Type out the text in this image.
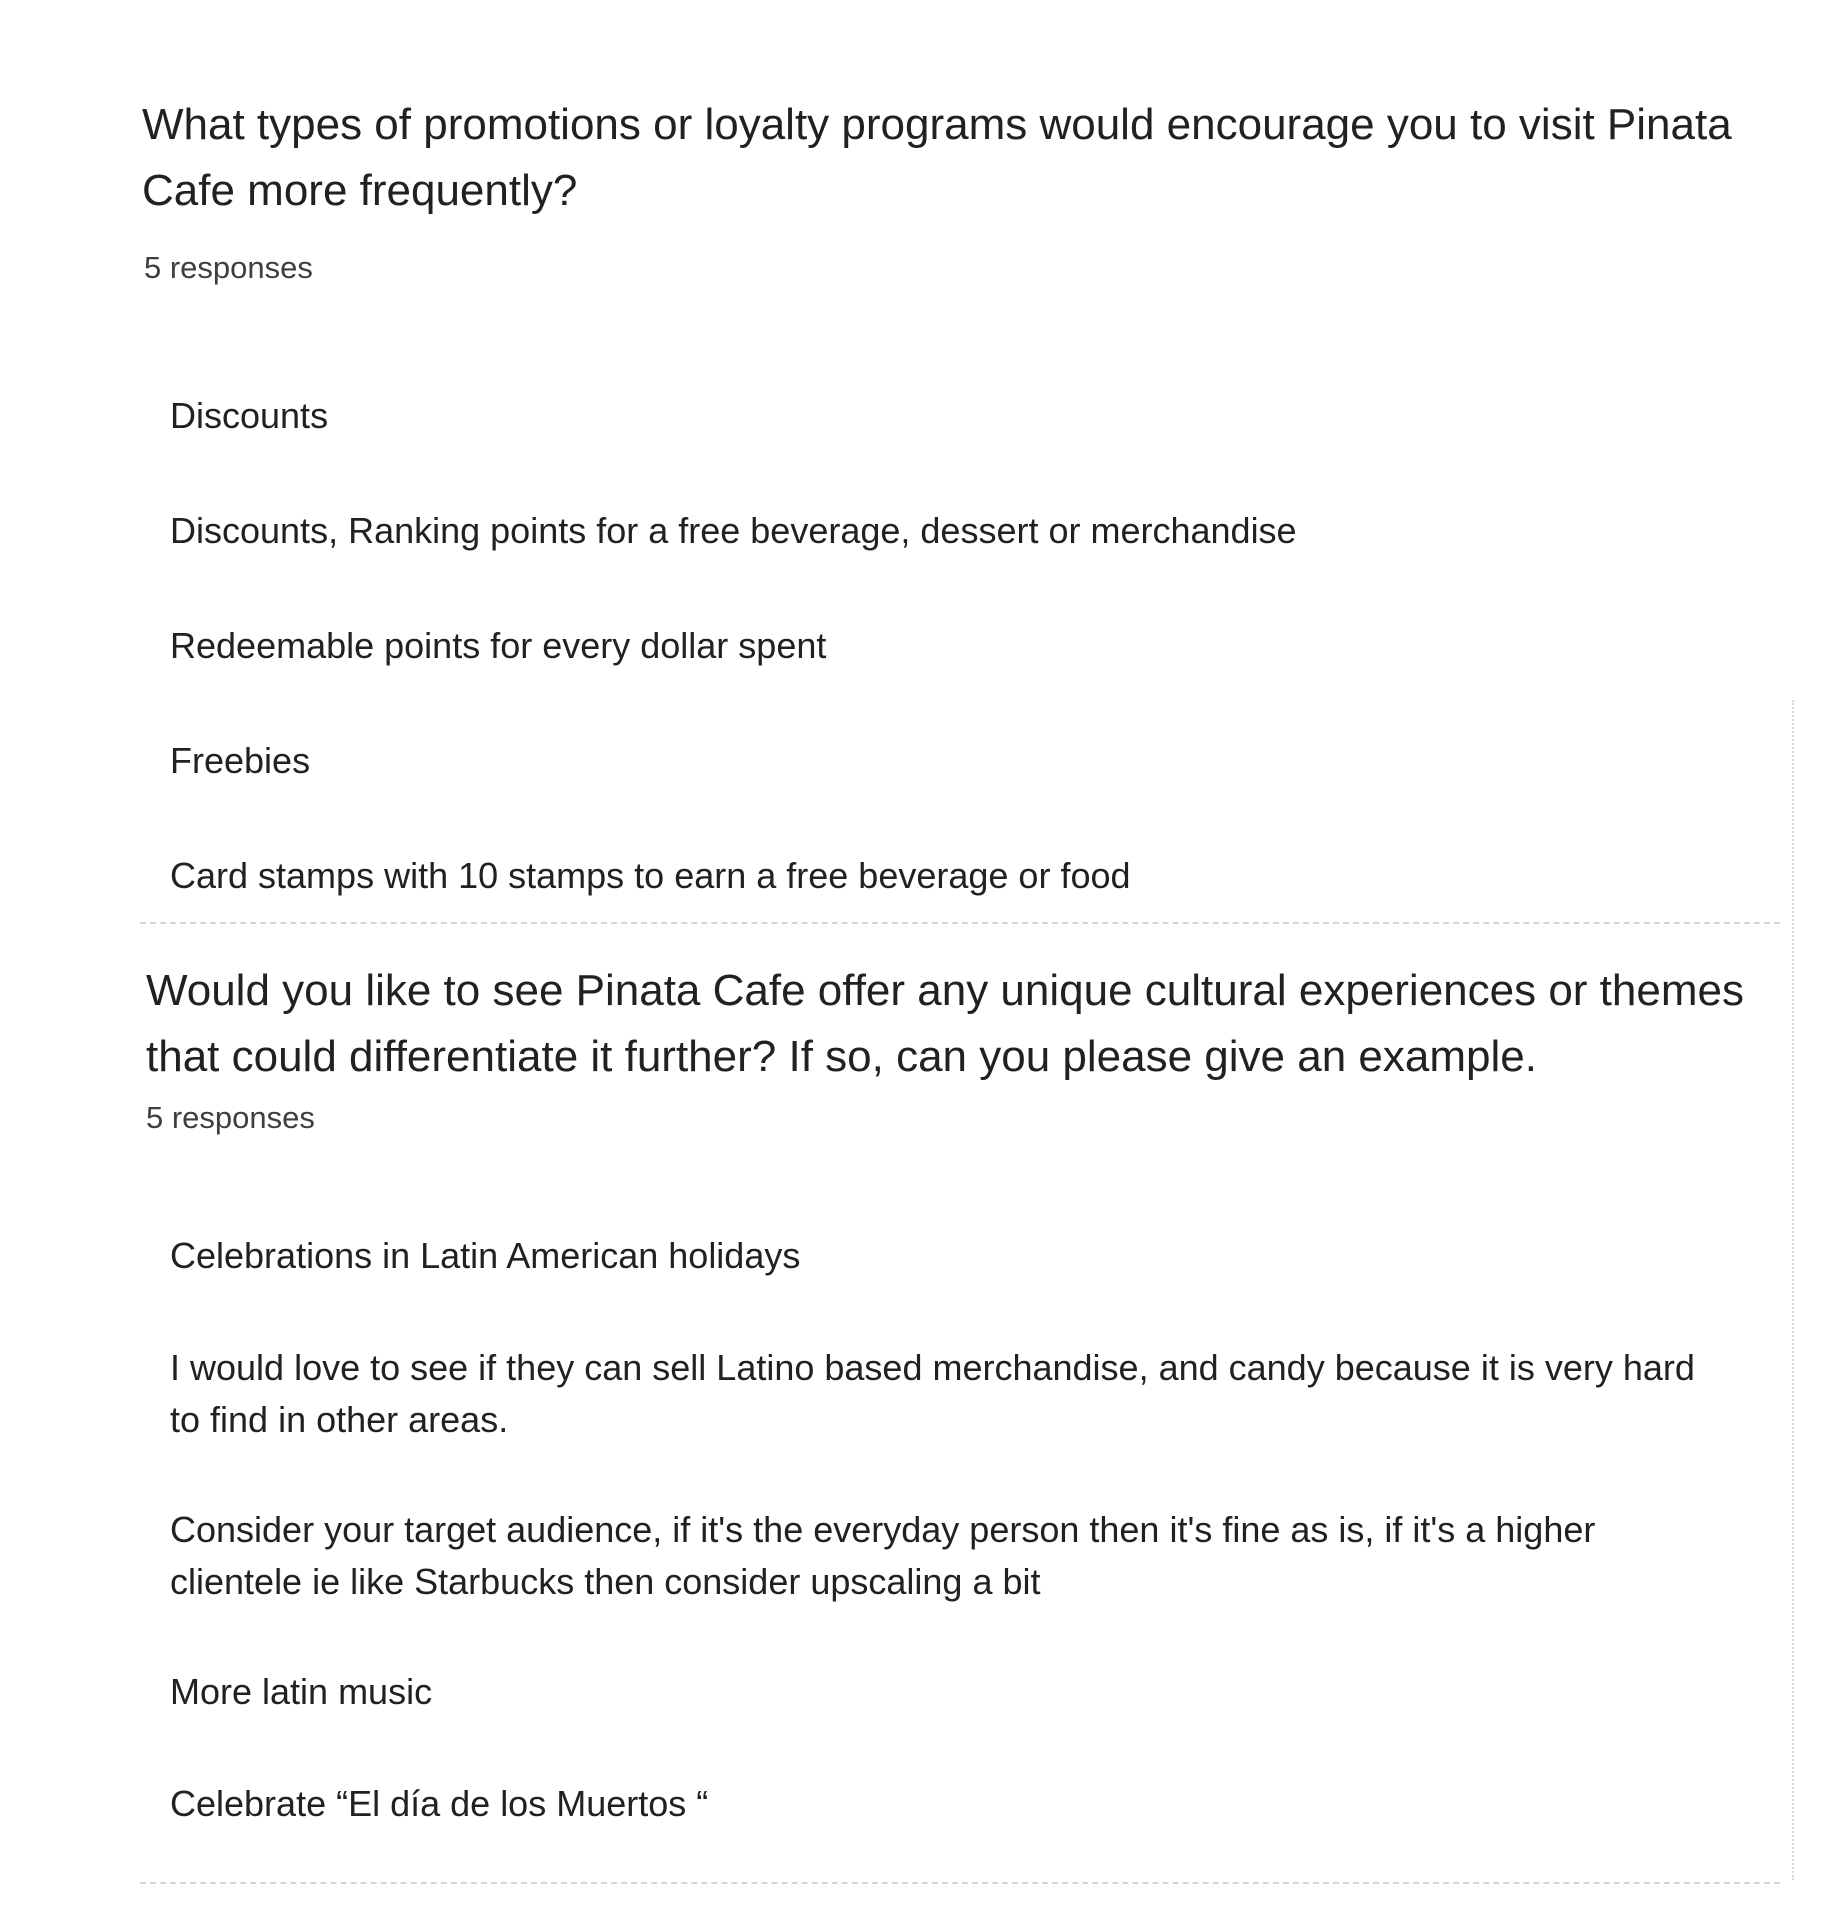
What types of promotions or loyalty programs would encourage you to visit Pinata Cafe more frequently?
5 responses
Discounts
Discounts, Ranking points for a free beverage, dessert or merchandise
Redeemable points for every dollar spent
Freebies
Card stamps with 10 stamps to earn a free beverage or food
Would you like to see Pinata Cafe offer any unique cultural experiences or themes that could differentiate it further? If so, can you please give an example.
5 responses
Celebrations in Latin American holidays
I would love to see if they can sell Latino based merchandise, and candy because it is very hard to find in other areas.
Consider your target audience, if it's the everyday person then it's fine as is, if it's a higher clientele ie like Starbucks then consider upscaling a bit
More latin music
Celebrate “El día de los Muertos “
